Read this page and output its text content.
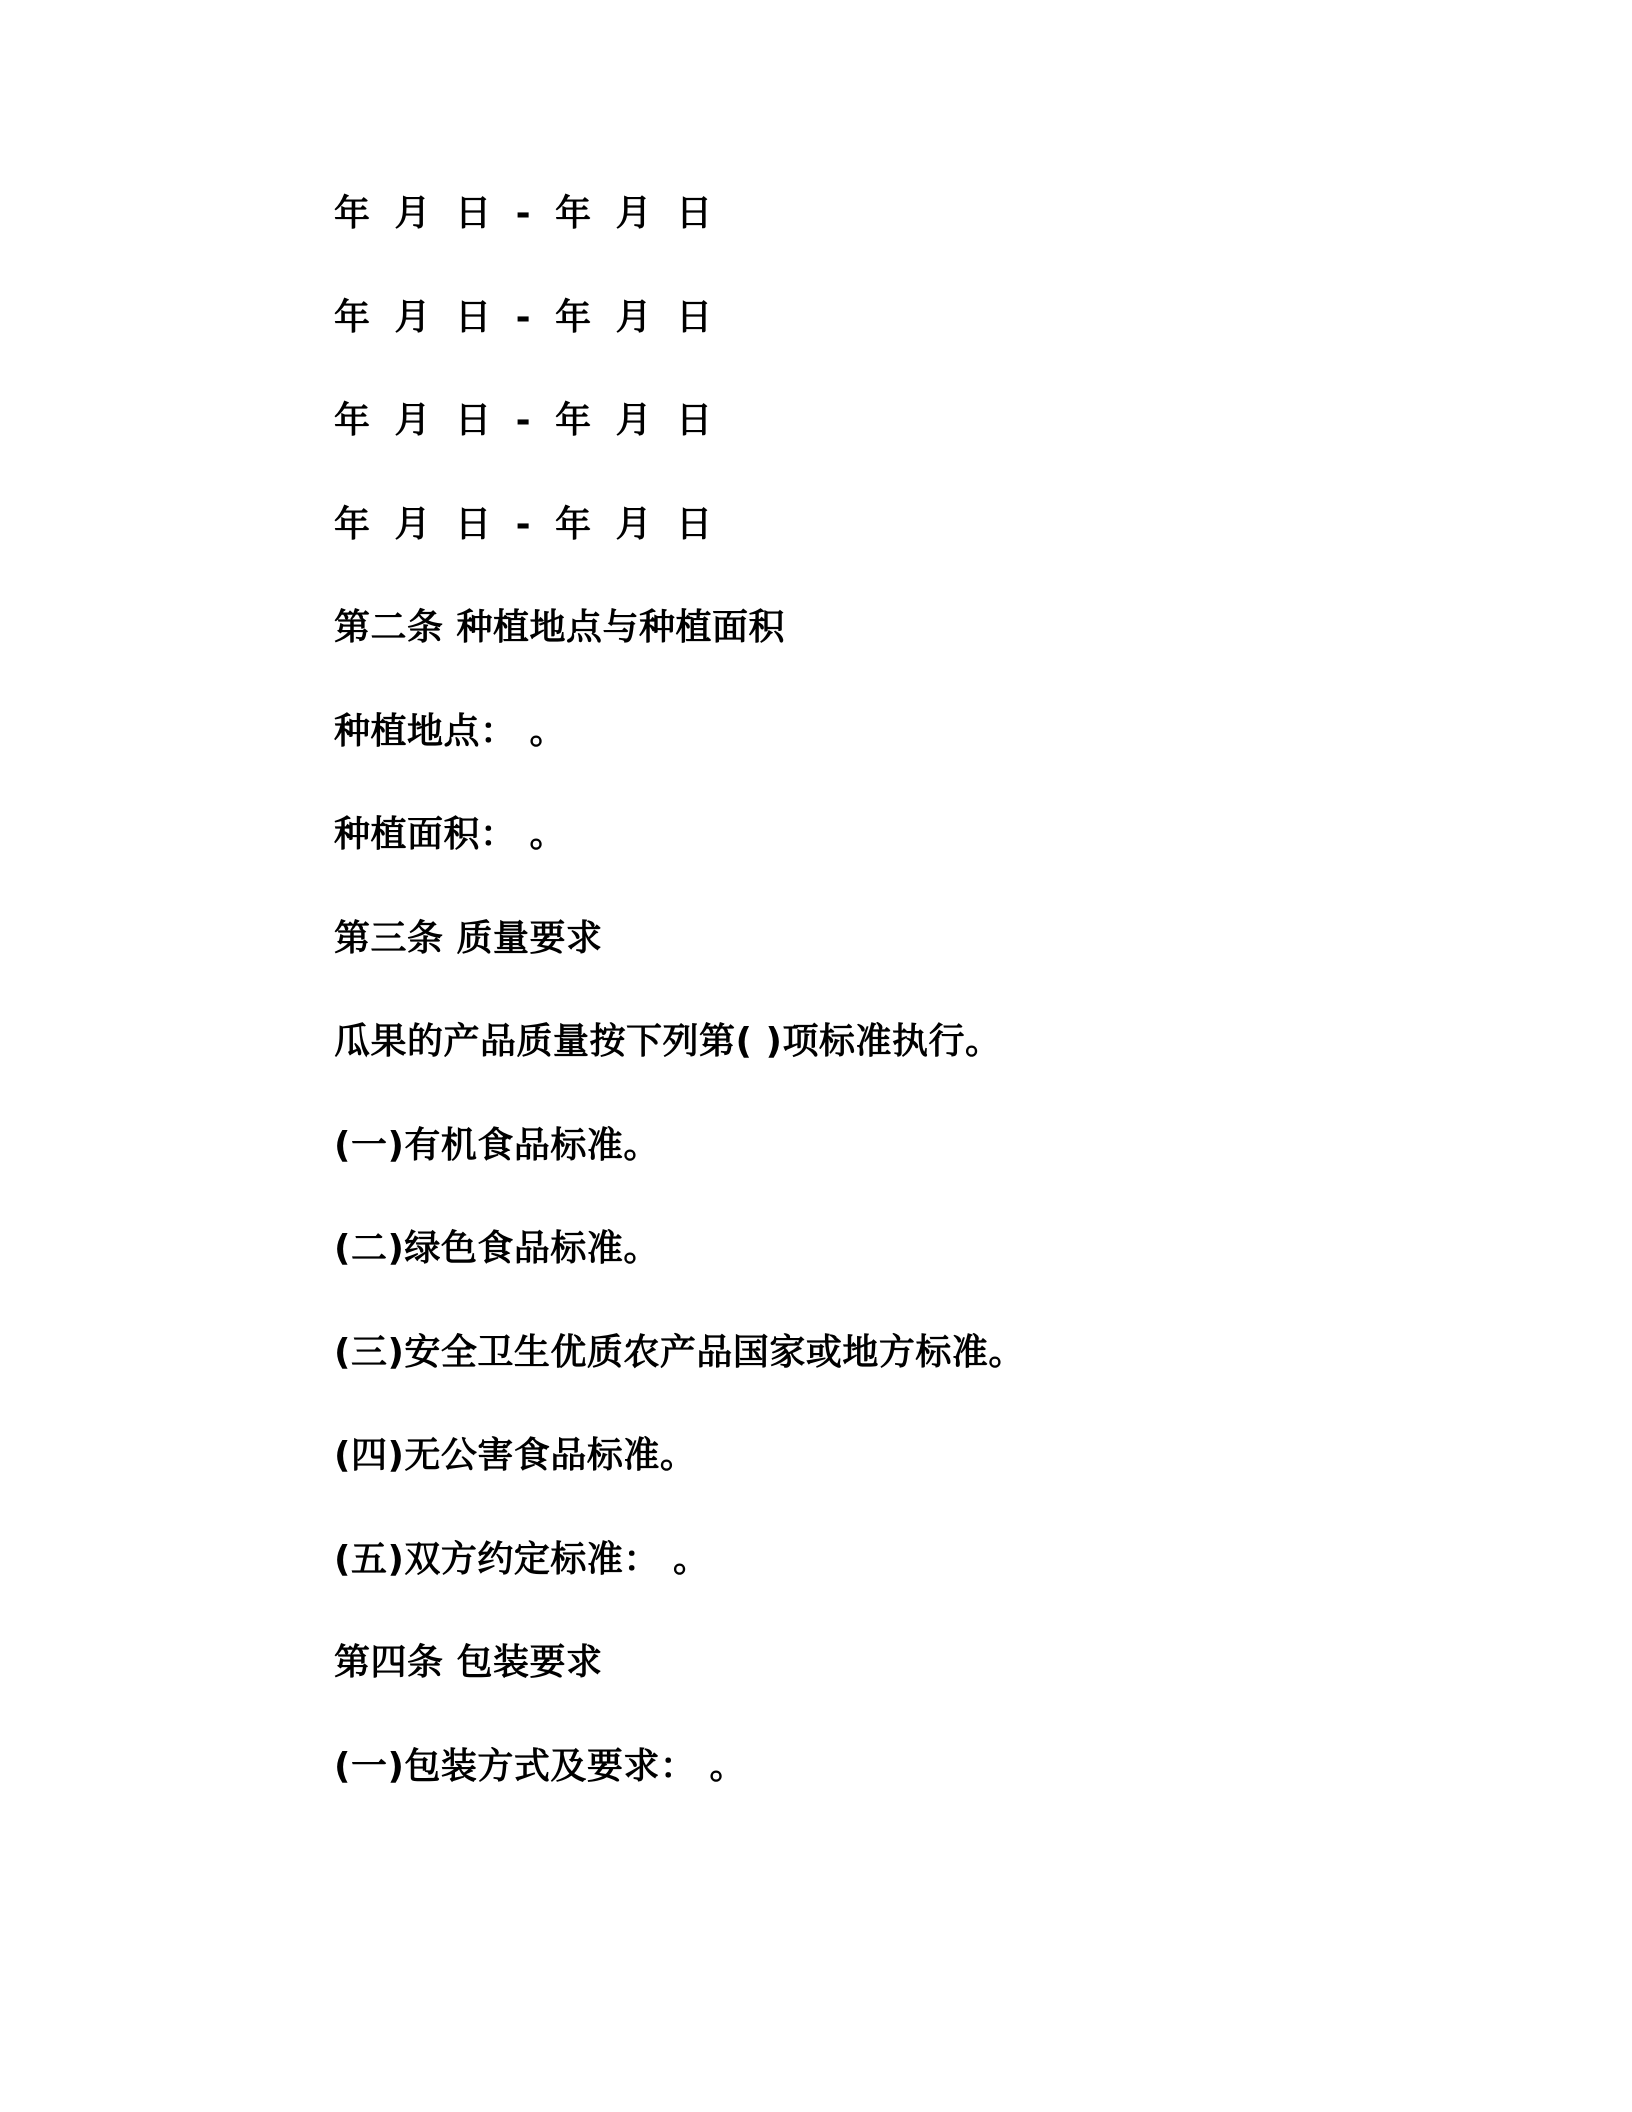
年 月 日 - 年 月 日
年 月 日 - 年 月 日
年 月 日 - 年 月 日
年 月 日 - 年 月 日
第二条 种植地点与种植面积
种植地点： 。
种植面积： 。
第三条 质量要求
瓜果的产品质量按下列第( )项标准执行。
(一)有机食品标准。
(二)绿色食品标准。
(三)安全卫生优质农产品国家或地方标准。
(四)无公害食品标准。
(五)双方约定标准： 。
第四条 包装要求
(一)包装方式及要求： 。
